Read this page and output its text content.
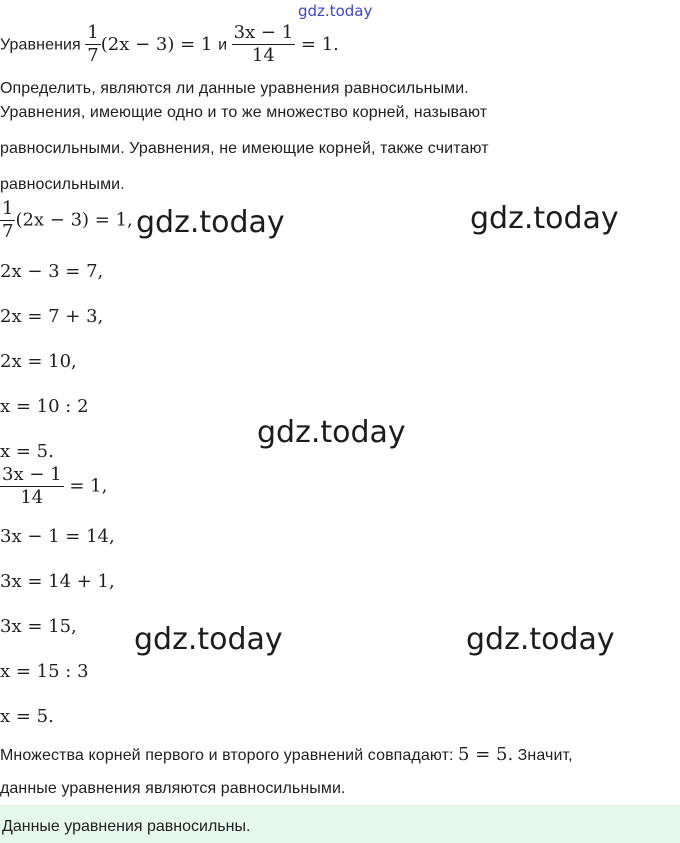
gdz.today
Уравнения $\frac{1}{7} (2x - 3) = 1$ и $\frac{3x - 1}{14} = 1$.
Определить, являются ли данные уравнения равносильными.
Уравнения, имеющие одно и то же множество корней, называют
равносильными. Уравнения, не имеющие корней, также считают
равносильными.
$\frac{1}{7} (2x - 3) = 1$,
2x − 3 = 7,
2x = 7 + 3,
2x = 10,
x = 10 : 2
x = 5.
$\frac{3x - 1}{14} = 1$,
3x − 1 = 14,
3x = 14 + 1,
3x = 15,
x = 15 : 3
x = 5.
Множества корней первого и второго уравнений совпадают: 5 = 5. Значит,
данные уравнения являются равносильными.
Данные уравнения равносильны.
gdz.today	gdz.today
gdz.today
gdz.today	gdz.today
